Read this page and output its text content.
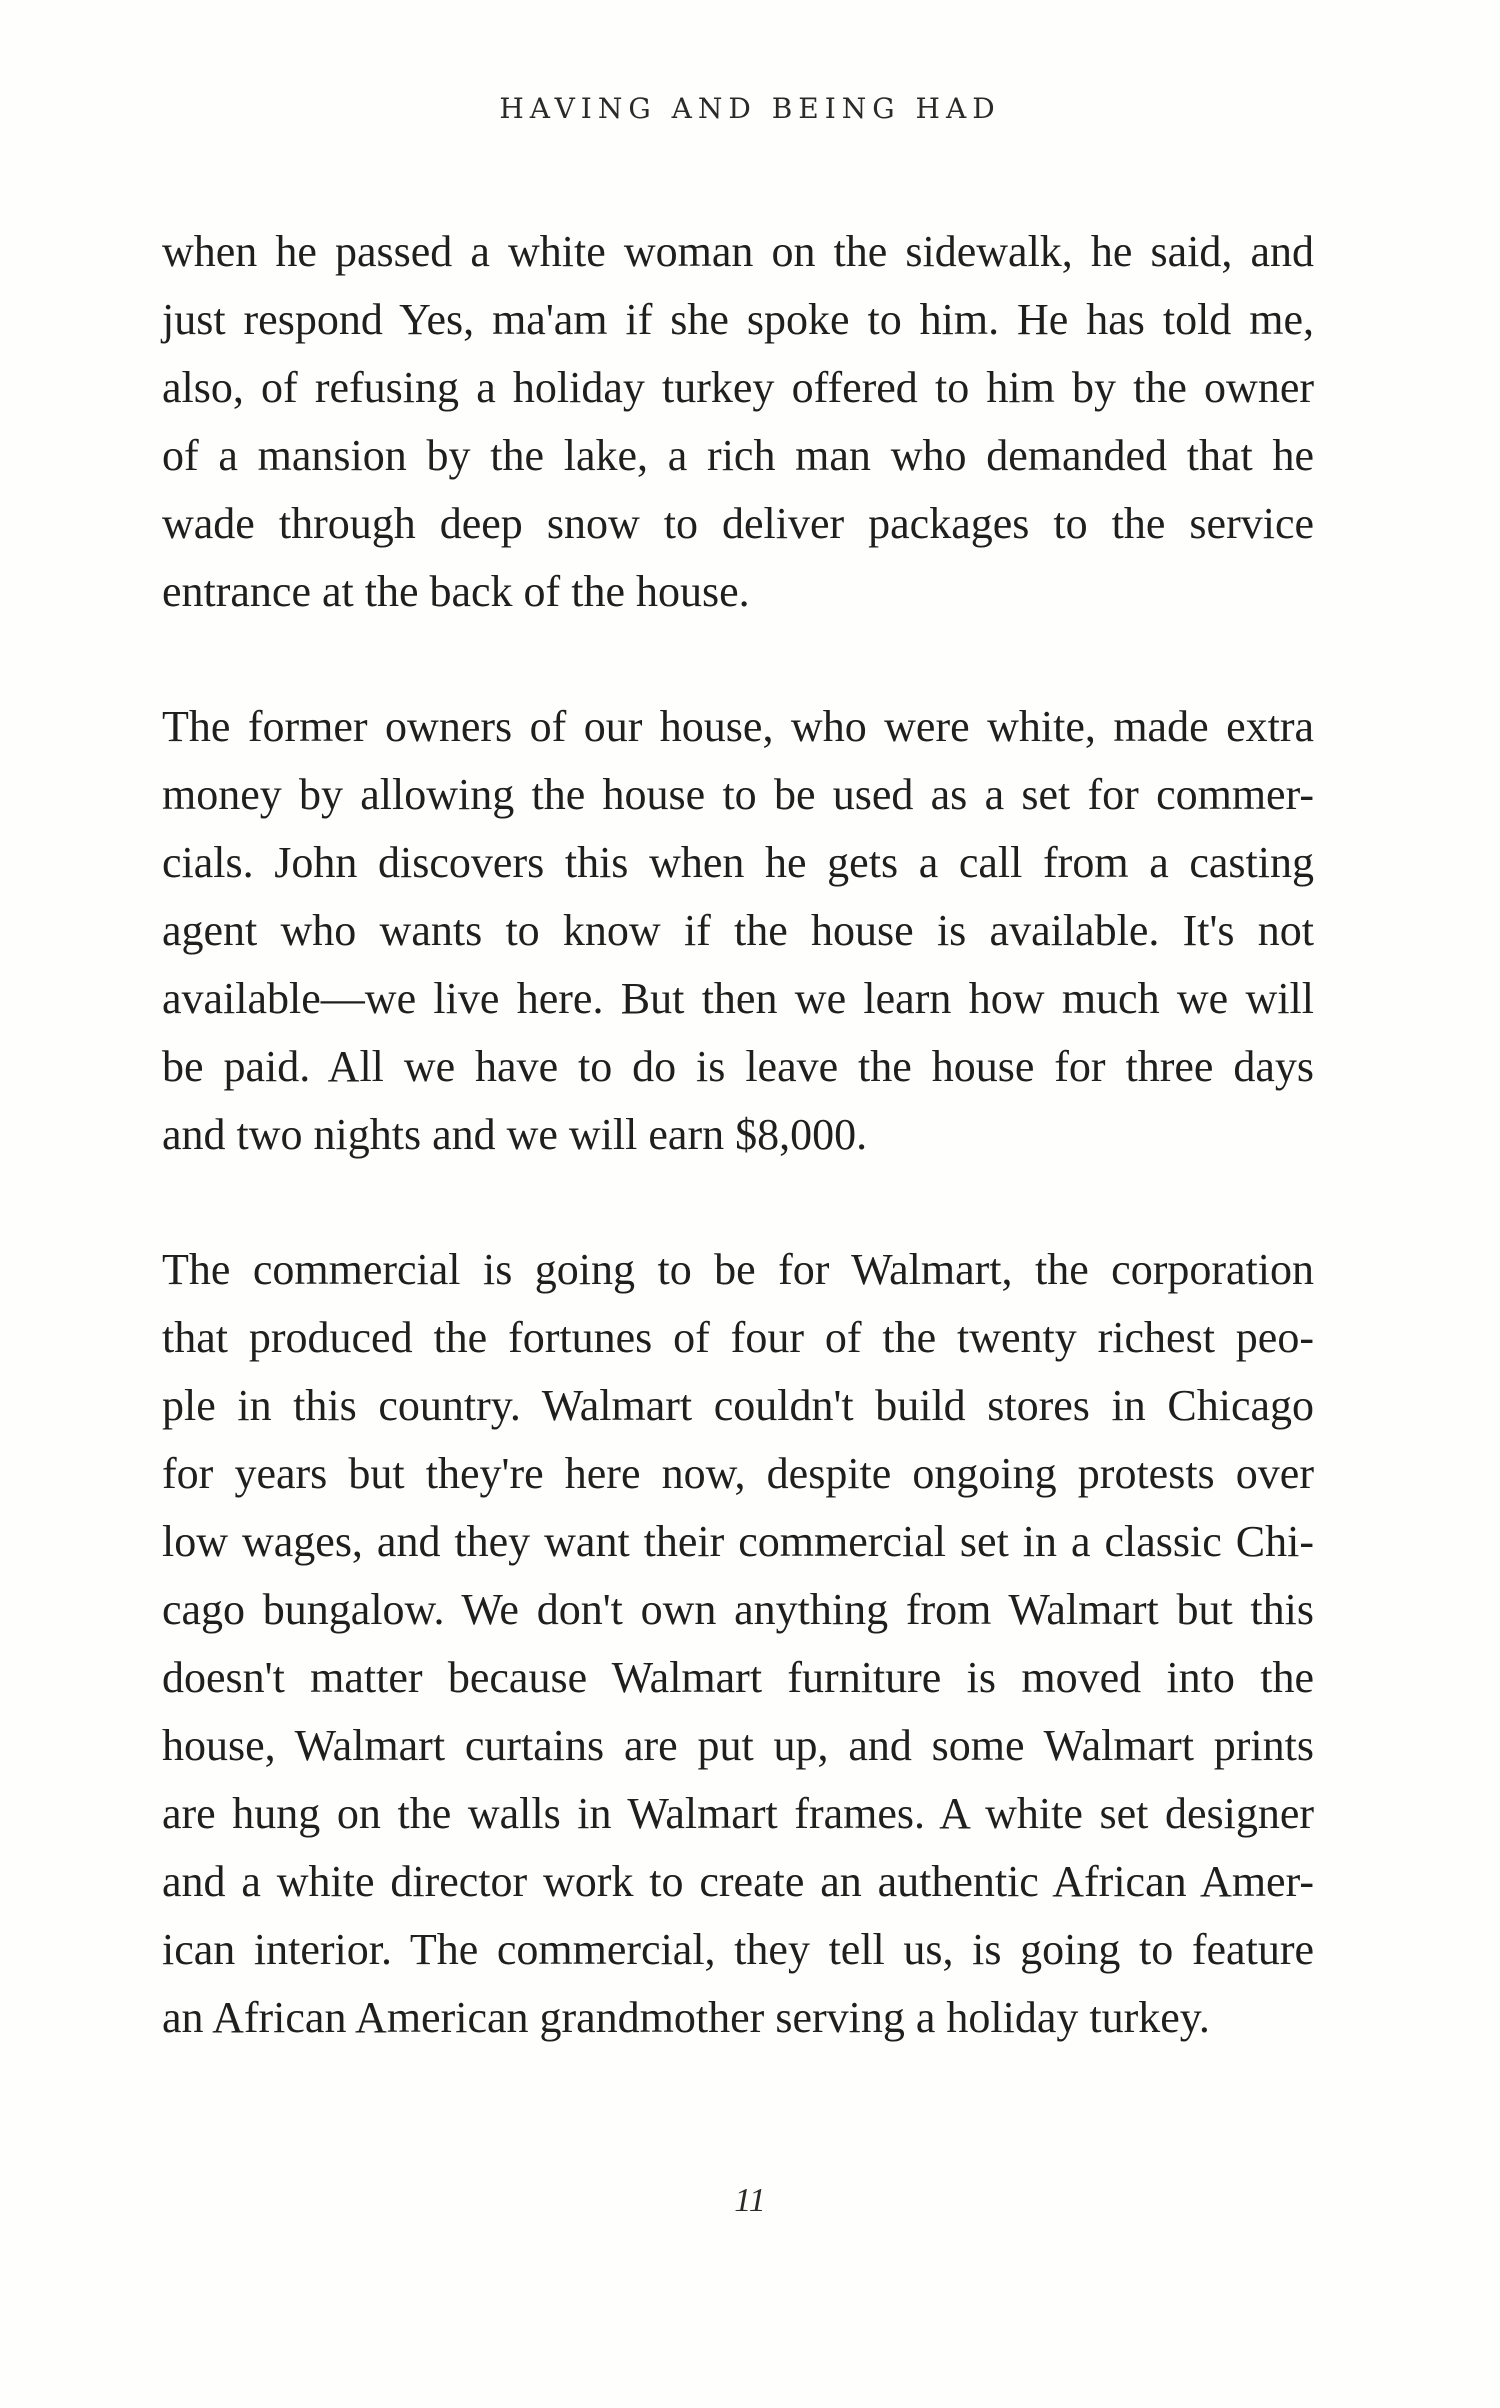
HAVING AND BEING HAD
when he passed a white woman on the sidewalk, he said, and
just respond Yes, ma'am if she spoke to him. He has told me,
also, of refusing a holiday turkey offered to him by the owner
of a mansion by the lake, a rich man who demanded that he
wade through deep snow to deliver packages to the service
entrance at the back of the house.
The former owners of our house, who were white, made extra
money by allowing the house to be used as a set for commer-
cials. John discovers this when he gets a call from a casting
agent who wants to know if the house is available. It's not
available—we live here. But then we learn how much we will
be paid. All we have to do is leave the house for three days
and two nights and we will earn $8,000.
The commercial is going to be for Walmart, the corporation
that produced the fortunes of four of the twenty richest peo-
ple in this country. Walmart couldn't build stores in Chicago
for years but they're here now, despite ongoing protests over
low wages, and they want their commercial set in a classic Chi-
cago bungalow. We don't own anything from Walmart but this
doesn't matter because Walmart furniture is moved into the
house, Walmart curtains are put up, and some Walmart prints
are hung on the walls in Walmart frames. A white set designer
and a white director work to create an authentic African Amer-
ican interior. The commercial, they tell us, is going to feature
an African American grandmother serving a holiday turkey.
11
